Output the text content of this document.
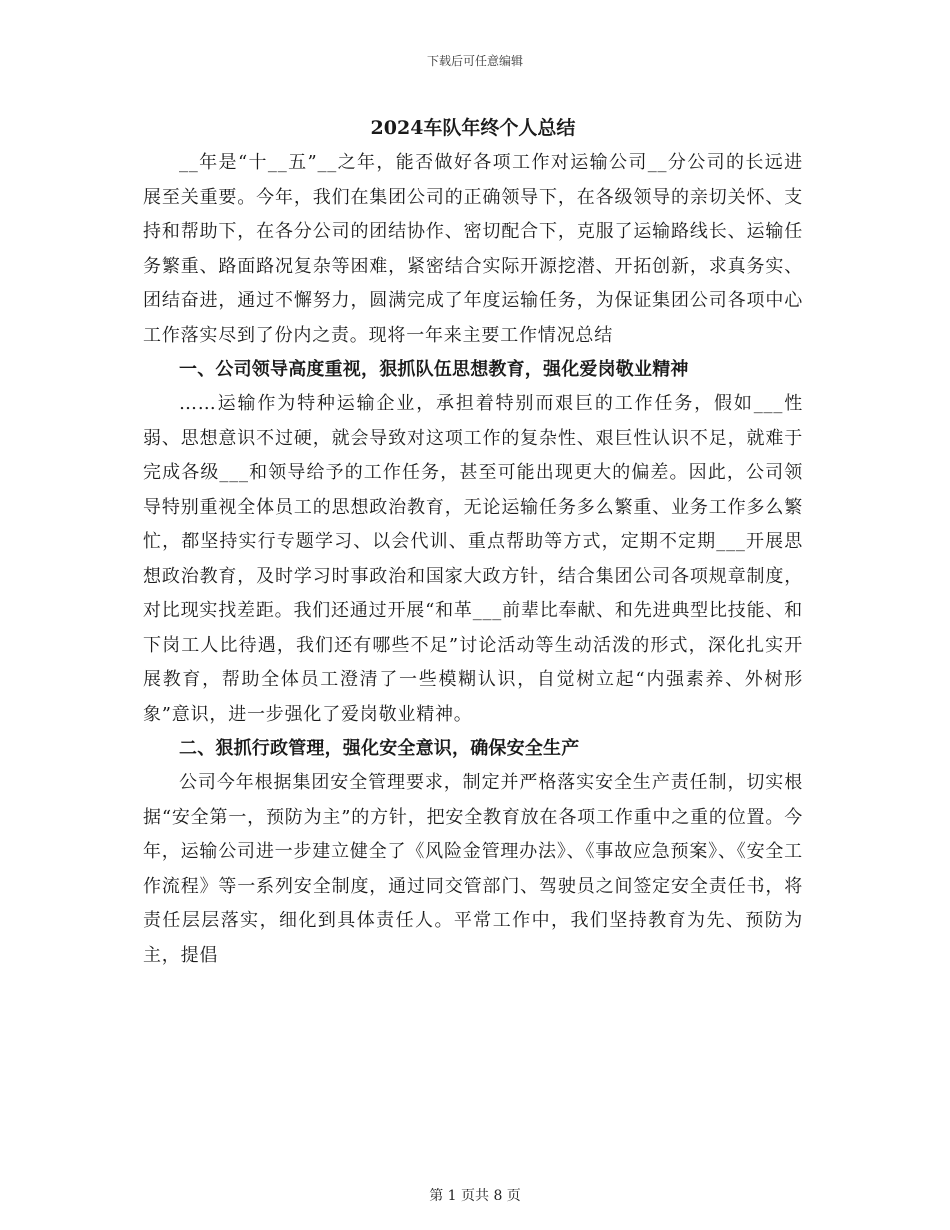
下载后可任意编辑

2024车队年终个人总结

__年是“十__五”__之年，能否做好各项工作对运输公司__分公司的长远进展至关重要。今年，我们在集团公司的正确领导下，在各级领导的亲切关怀、支持和帮助下，在各分公司的团结协作、密切配合下，克服了运输路线长、运输任务繁重、路面路况复杂等困难，紧密结合实际开源挖潜、开拓创新，求真务实、团结奋进，通过不懈努力，圆满完成了年度运输任务，为保证集团公司各项中心工作落实尽到了份内之责。现将一年来主要工作情况总结

一、公司领导高度重视，狠抓队伍思想教育，强化爱岗敬业精神

……运输作为特种运输企业，承担着特别而艰巨的工作任务，假如___性弱、思想意识不过硬，就会导致对这项工作的复杂性、艰巨性认识不足，就难于完成各级___和领导给予的工作任务，甚至可能出现更大的偏差。因此，公司领导特别重视全体员工的思想政治教育，无论运输任务多么繁重、业务工作多么繁忙，都坚持实行专题学习、以会代训、重点帮助等方式，定期不定期___开展思想政治教育，及时学习时事政治和国家大政方针，结合集团公司各项规章制度，对比现实找差距。我们还通过开展“和革___前辈比奉献、和先进典型比技能、和下岗工人比待遇，我们还有哪些不足”讨论活动等生动活泼的形式，深化扎实开展教育，帮助全体员工澄清了一些模糊认识，自觉树立起“内强素养、外树形象”意识，进一步强化了爱岗敬业精神。

二、狠抓行政管理，强化安全意识，确保安全生产

公司今年根据集团安全管理要求，制定并严格落实安全生产责任制，切实根据“安全第一，预防为主”的方针，把安全教育放在各项工作重中之重的位置。今年，运输公司进一步建立健全了《风险金管理办法》、《事故应急预案》、《安全工作流程》等一系列安全制度，通过同交管部门、驾驶员之间签定安全责任书，将责任层层落实，细化到具体责任人。平常工作中，我们坚持教育为先、预防为主，提倡

第 1 页共 8 页
